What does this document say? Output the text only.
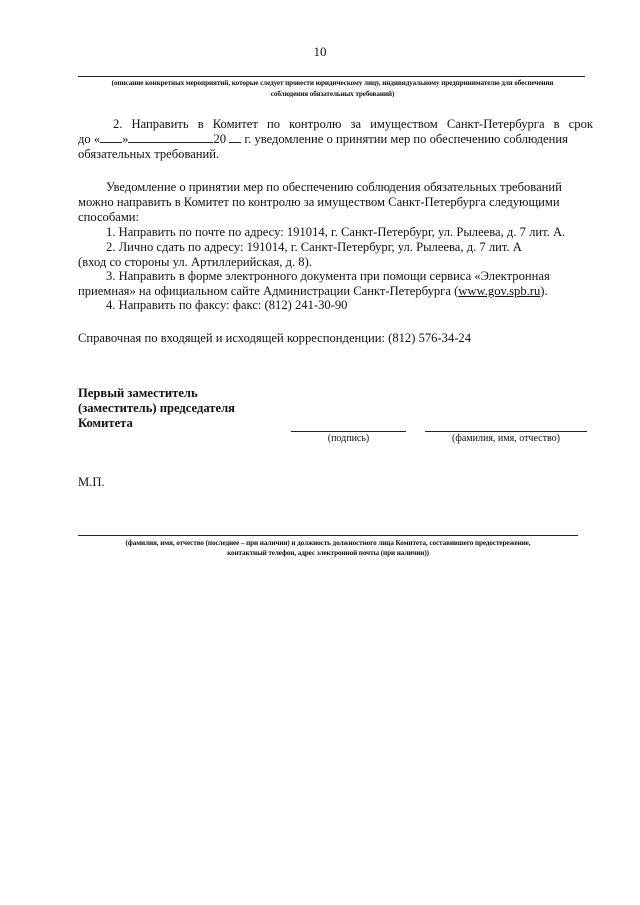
10
(описание конкретных мероприятий, которые следует провести юридическому лицу, индивидуальному предпринимателю для обеспечения
соблюдения обязательных требований)
2. Направить в Комитет по контролю за имуществом Санкт-Петербурга в срок
до « »	20 г. уведомление о принятии мер по обеспечению соблюдения
обязательных требований.
Уведомление о принятии мер по обеспечению соблюдения обязательных требований
можно направить в Комитет по контролю за имуществом Санкт-Петербурга следующими
способами:
1. Направить по почте по адресу: 191014, г. Санкт-Петербург, ул. Рылеева, д. 7 лит. А.
2. Лично сдать по адресу: 191014, г. Санкт-Петербург, ул. Рылеева, д. 7 лит. А
(вход со стороны ул. Артиллерийская, д. 8).
3. Направить в форме электронного документа при помощи сервиса «Электронная
приемная» на официальном сайте Администрации Санкт-Петербурга (www.gov.spb.ru).
4. Направить по факсу: факс: (812) 241-30-90
Справочная по входящей и исходящей корреспонденции: (812) 576-34-24
Первый заместитель
(заместитель) председателя
Комитета
(подпись)	(фамилия, имя, отчество)
М.П.
(фамилия, имя, отчество (последнее – при наличии) и должность должностного лица Комитета, составившего предостережение,
контактный телефон, адрес электронной почты (при наличии))
